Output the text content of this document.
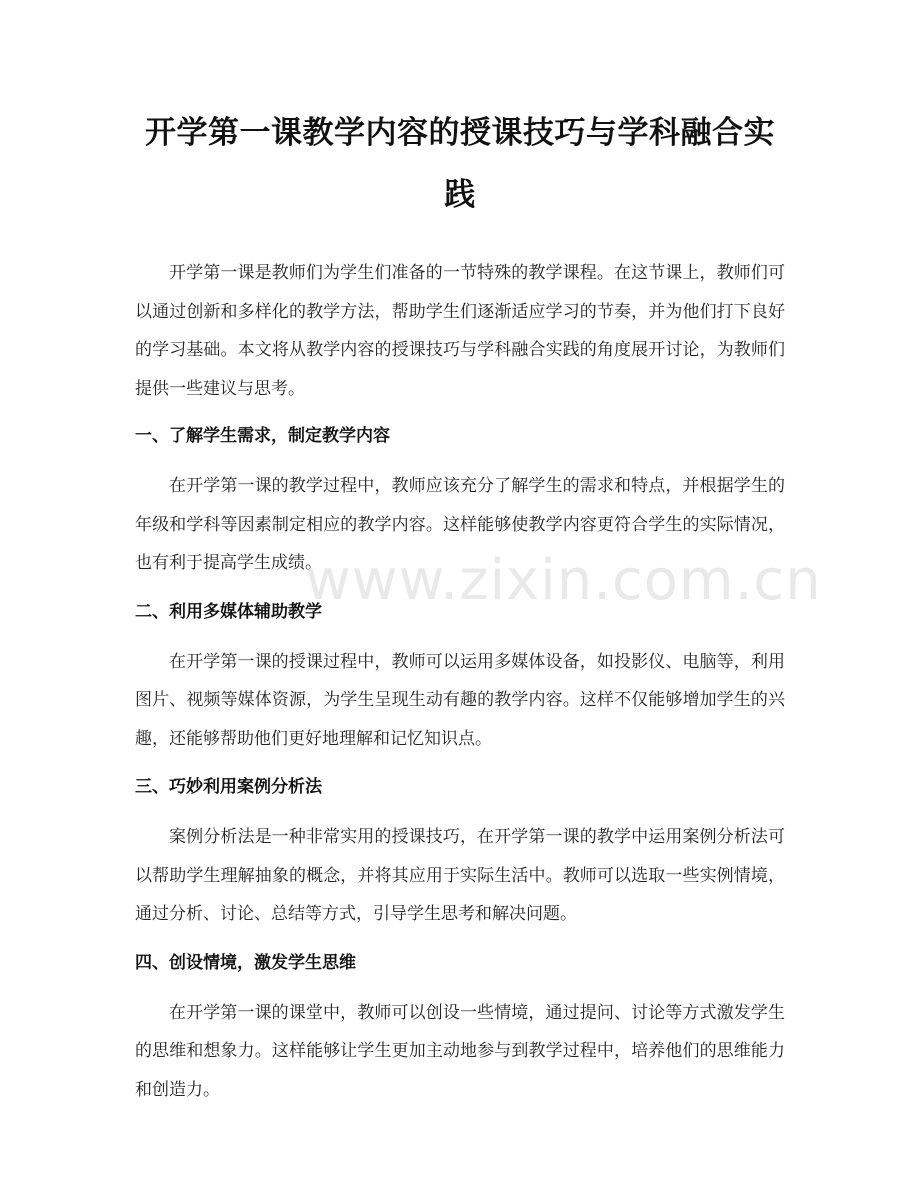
开学第一课教学内容的授课技巧与学科融合实践

开学第一课是教师们为学生们准备的一节特殊的教学课程。在这节课上，教师们可以通过创新和多样化的教学方法，帮助学生们逐渐适应学习的节奏，并为他们打下良好的学习基础。本文将从教学内容的授课技巧与学科融合实践的角度展开讨论，为教师们提供一些建议与思考。

一、了解学生需求，制定教学内容

在开学第一课的教学过程中，教师应该充分了解学生的需求和特点，并根据学生的年级和学科等因素制定相应的教学内容。这样能够使教学内容更符合学生的实际情况，也有利于提高学生成绩。

二、利用多媒体辅助教学

在开学第一课的授课过程中，教师可以运用多媒体设备，如投影仪、电脑等，利用图片、视频等媒体资源，为学生呈现生动有趣的教学内容。这样不仅能够增加学生的兴趣，还能够帮助他们更好地理解和记忆知识点。

三、巧妙利用案例分析法

案例分析法是一种非常实用的授课技巧，在开学第一课的教学中运用案例分析法可以帮助学生理解抽象的概念，并将其应用于实际生活中。教师可以选取一些实例情境，通过分析、讨论、总结等方式，引导学生思考和解决问题。

四、创设情境，激发学生思维

在开学第一课的课堂中，教师可以创设一些情境，通过提问、讨论等方式激发学生的思维和想象力。这样能够让学生更加主动地参与到教学过程中，培养他们的思维能力和创造力。

www.zixin.com.cn
